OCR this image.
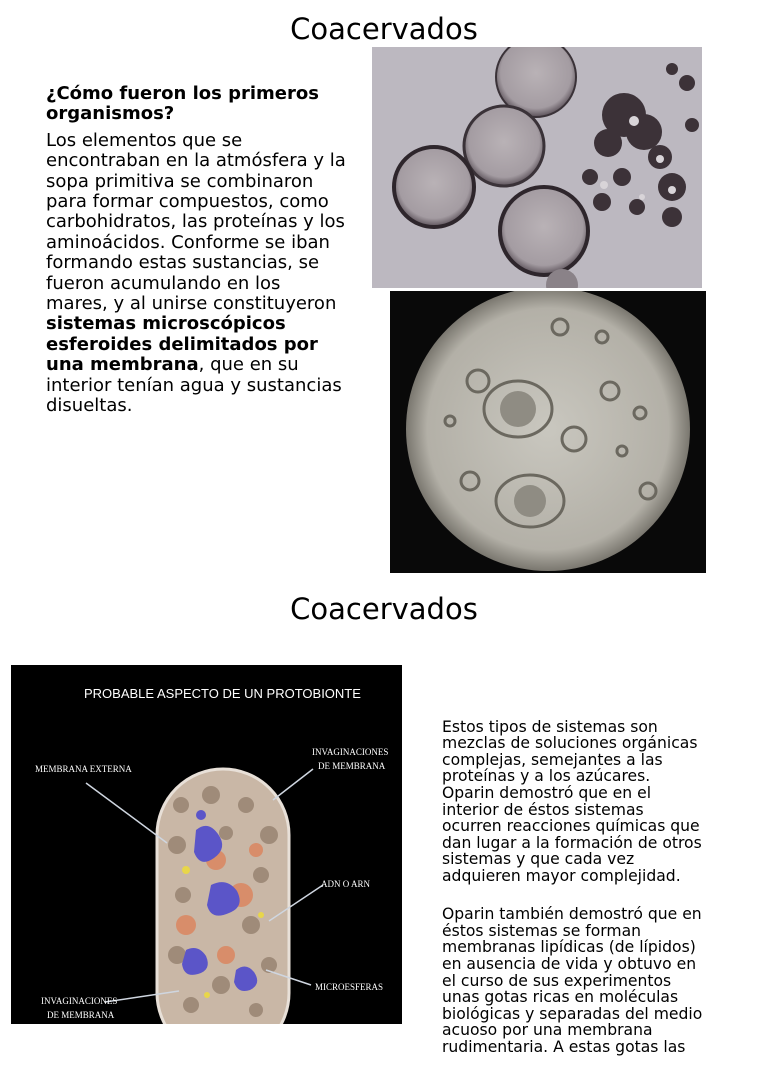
Coacervados

¿Cómo fueron los primeros organismos?

Los elementos que se encontraban en la atmósfera y la sopa primitiva se combinaron para formar compuestos, como carbohidratos, las proteínas y los aminoácidos. Conforme se iban formando estas sustancias, se fueron acumulando en los mares, y al unirse constituyeron sistemas microscópicos esferoides delimitados por una membrana, que en su interior tenían agua y sustancias disueltas.

Coacervados
PROBABLE ASPECTO DE UN PROTOBIONTE
MEMBRANA EXTERNA
INVAGINACIONES
DE MEMBRANA
ADN O ARN
MICROESFERAS
INVAGINACIONES
DE MEMBRANA

Estos tipos de sistemas son
mezclas de soluciones orgánicas
complejas, semejantes a las
proteínas y a los azúcares.
Oparin demostró que en el
interior de éstos sistemas
ocurren reacciones químicas que
dan lugar a la formación de otros
sistemas y que cada vez
adquieren mayor complejidad.

Oparin también demostró que en
éstos sistemas se forman
membranas lipídicas (de lípidos)
en ausencia de vida y obtuvo en
el curso de sus experimentos
unas gotas ricas en moléculas
biológicas y separadas del medio
acuoso por una membrana
rudimentaria. A estas gotas las
